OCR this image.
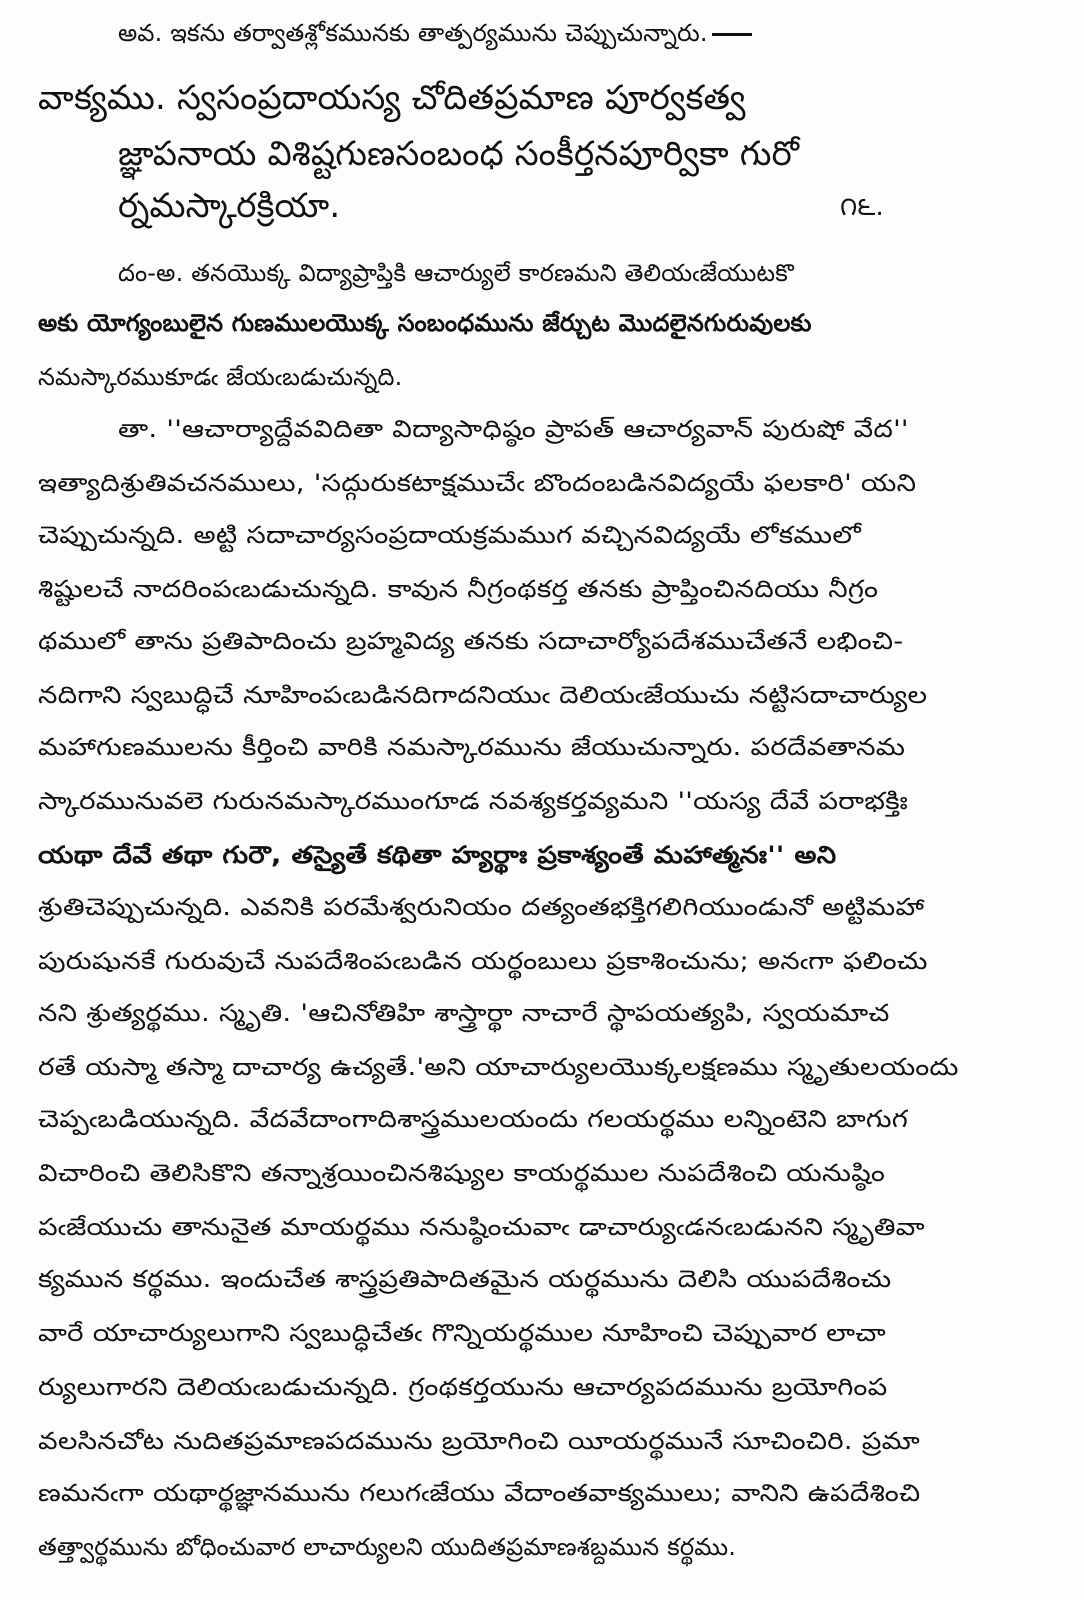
అవ. ఇకను తర్వాతశ్లోకమునకు తాత్పర్యమును చెప్పుచున్నారు.
వాక్యము. స్వసంప్రదాయస్య చోదితప్రమాణ పూర్వకత్వ
జ్ఞాపనాయ విశిష్టగుణసంబంధ సంకీర్తనపూర్వికా గురో
ర్నమస్కారక్రియా.	౧౬.
దం-అ. తనయొక్క విద్యాప్రాప్తికి ఆచార్యులే కారణమని తెలియఁజేయుటకొ
అకు యోగ్యంబులైన గుణములయొక్క సంబంధమును జేర్చుట మొదలైనగురువులకు
నమస్కారముకూడఁ జేయఁబడుచున్నది.
తా. ''ఆచార్యాద్దేవవిదితా విద్యాసాధిష్ఠం ప్రాపత్ ఆచార్యవాన్ పురుషో వేద''
ఇత్యాదిశ్రుతివచనములు, 'సద్గురుకటాక్షముచేఁ బొందంబడినవిద్యయే ఫలకారి' యని
చెప్పుచున్నది. అట్టి సదాచార్యసంప్రదాయక్రమముగ వచ్చినవిద్యయే లోకములో
శిష్టులచే నాదరింపఁబడుచున్నది. కావున నీగ్రంథకర్త తనకు ప్రాప్తించినదియు నీగ్రం
థములో తాను ప్రతిపాదించు బ్రహ్మవిద్య తనకు సదాచార్యోపదేశముచేతనే లభించి-
నదిగాని స్వబుద్ధిచే నూహింపఁబడినదిగాదనియుఁ దెలియఁజేయుచు నట్టిసదాచార్యుల
మహాగుణములను కీర్తించి వారికి నమస్కారమును జేయుచున్నారు. పరదేవతానమ
స్కారమునువలె గురునమస్కారముంగూడ నవశ్యకర్తవ్యమని ''యస్య దేవే పరాభక్తిః
యథా దేవే తథా గురౌ, తస్యైతే కథితా హ్యర్థాః ప్రకాశ్యంతే మహాత్మనః'' అని
శ్రుతిచెప్పుచున్నది. ఎవనికి పరమేశ్వరునియం దత్యంతభక్తిగలిగియుండునో అట్టిమహా
పురుషునకే గురువుచే నుపదేశింపఁబడిన యర్థంబులు ప్రకాశించును; అనఁగా ఫలించు
నని శ్రుత్యర్థము. స్మృతి. 'ఆచినోతిహి శాస్త్రార్థా నాచారే స్థాపయత్యపి, స్వయమాచ
రతే యస్మా తస్మా దాచార్య ఉచ్యతే.'అని యాచార్యులయొక్కలక్షణము స్మృతులయందు
చెప్పఁబడియున్నది. వేదవేదాంగాదిశాస్త్రములయందు గలయర్థము లన్నింటెని బాగుగ
విచారించి తెలిసికొని తన్నాశ్రయించినశిష్యుల కాయర్థముల నుపదేశించి యనుష్ఠిం
పఁజేయుచు తానునైత మాయర్థము ననుష్ఠించువాఁ డాచార్యుఁడనఁబడునని స్మృతివా
క్యమున కర్థము. ఇందుచేత శాస్త్రప్రతిపాదితమైన యర్థమును దెలిసి యుపదేశించు
వారే యాచార్యులుగాని స్వబుద్ధిచేతఁ గొన్నియర్థముల నూహించి చెప్పువార లాచా
ర్యులుగారని దెలియఁబడుచున్నది. గ్రంథకర్తయును ఆచార్యపదమును బ్రయోగింప
వలసినచోట నుదితప్రమాణపదమును బ్రయోగించి యీయర్థమునే సూచించిరి. ప్రమా
ణమనఁగా యథార్థజ్ఞానమును గలుగఁజేయు వేదాంతవాక్యములు; వానిని ఉపదేశించి
తత్త్వార్థమును బోధించువార లాచార్యులని యుదితప్రమాణశబ్దమున కర్థము.
